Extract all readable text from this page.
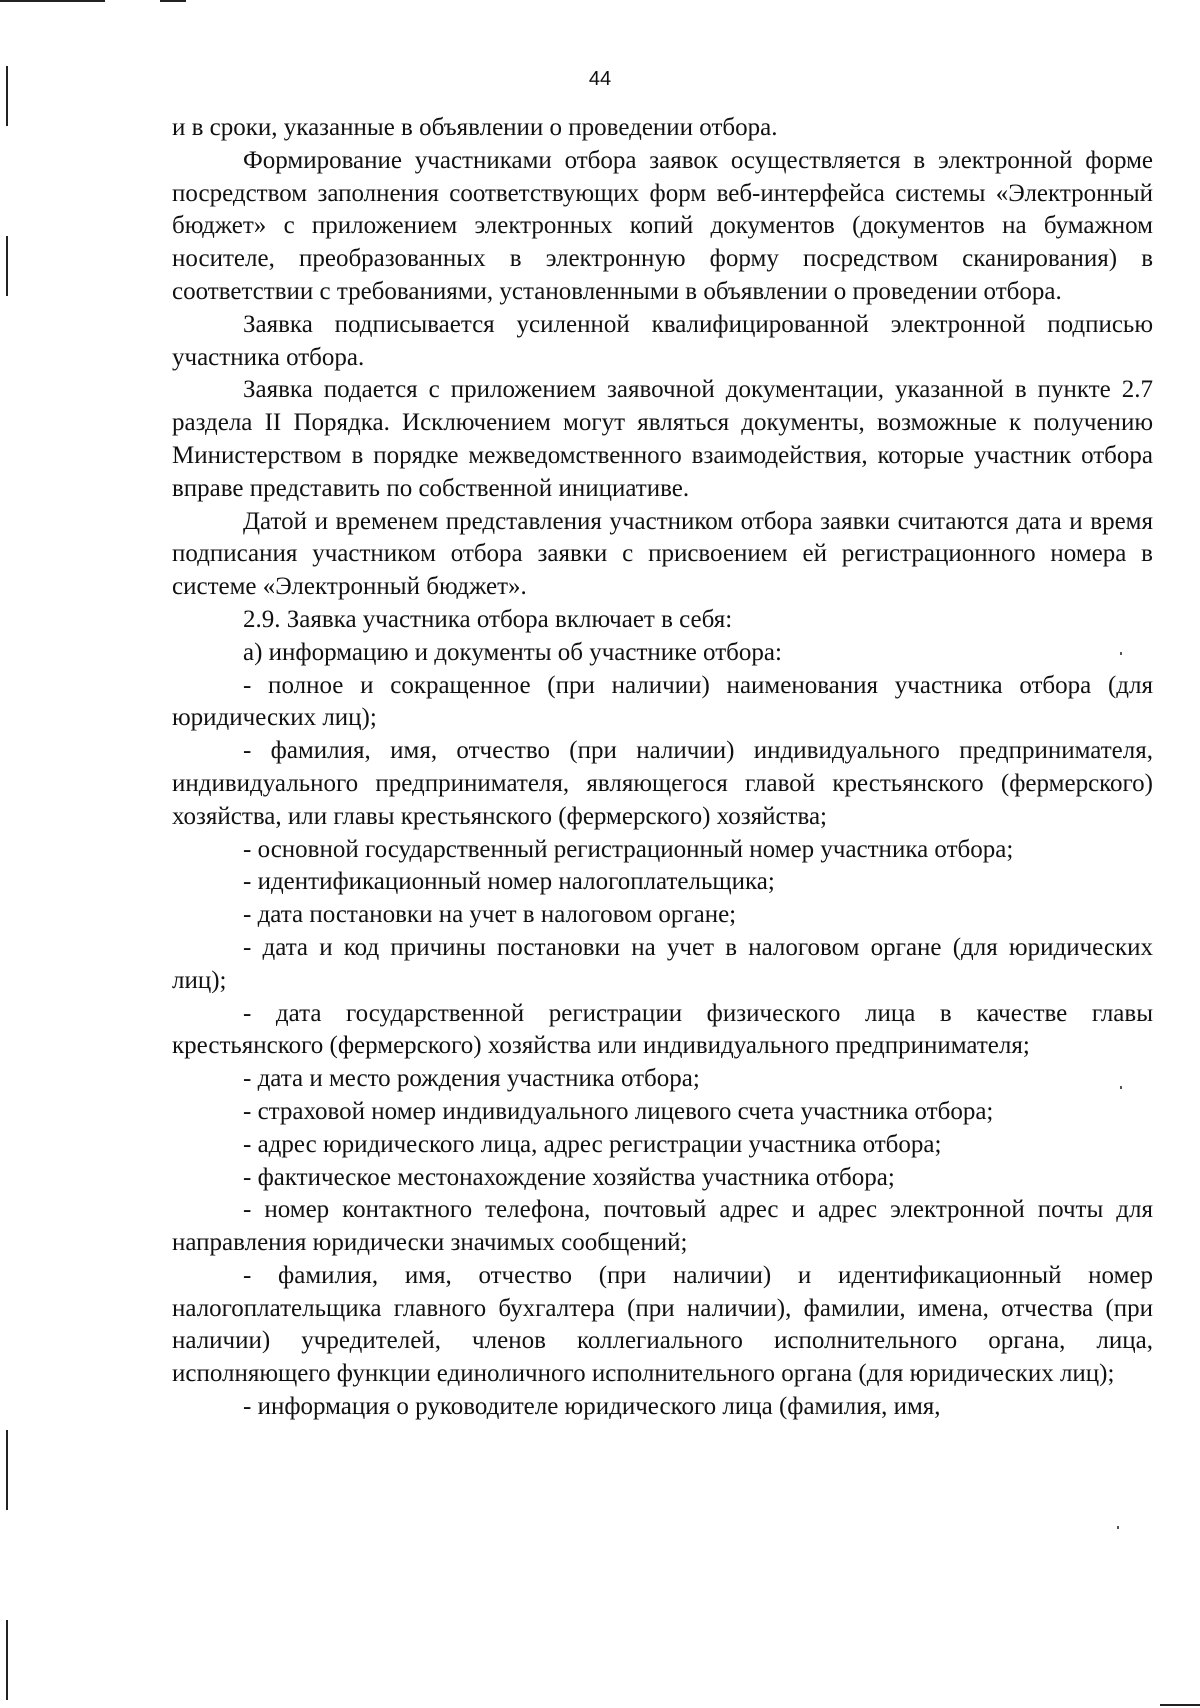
44

и в сроки, указанные в объявлении о проведении отбора.

Формирование участниками отбора заявок осуществляется в электронной форме посредством заполнения соответствующих форм веб-интерфейса системы «Электронный бюджет» с приложением электронных копий документов (документов на бумажном носителе, преобразованных в электронную форму посредством сканирования) в соответствии с требованиями, установленными в объявлении о проведении отбора.

Заявка подписывается усиленной квалифицированной электронной подписью участника отбора.

Заявка подается с приложением заявочной документации, указанной в пункте 2.7 раздела II Порядка. Исключением могут являться документы, возможные к получению Министерством в порядке межведомственного взаимодействия, которые участник отбора вправе представить по собственной инициативе.

Датой и временем представления участником отбора заявки считаются дата и время подписания участником отбора заявки с присвоением ей регистрационного номера в системе «Электронный бюджет».

2.9. Заявка участника отбора включает в себя:

а) информацию и документы об участнике отбора:

- полное и сокращенное (при наличии) наименования участника отбора (для юридических лиц);

- фамилия, имя, отчество (при наличии) индивидуального предпринимателя, индивидуального предпринимателя, являющегося главой крестьянского (фермерского) хозяйства, или главы крестьянского (фермерского) хозяйства;

- основной государственный регистрационный номер участника отбора;

- идентификационный номер налогоплательщика;

- дата постановки на учет в налоговом органе;

- дата и код причины постановки на учет в налоговом органе (для юридических лиц);

- дата государственной регистрации физического лица в качестве главы крестьянского (фермерского) хозяйства или индивидуального предпринимателя;

- дата и место рождения участника отбора;

- страховой номер индивидуального лицевого счета участника отбора;

- адрес юридического лица, адрес регистрации участника отбора;

- фактическое местонахождение хозяйства участника отбора;

- номер контактного телефона, почтовый адрес и адрес электронной почты для направления юридически значимых сообщений;

- фамилия, имя, отчество (при наличии) и идентификационный номер налогоплательщика главного бухгалтера (при наличии), фамилии, имена, отчества (при наличии) учредителей, членов коллегиального исполнительного органа, лица, исполняющего функции единоличного исполнительного органа (для юридических лиц);

- информация о руководителе юридического лица (фамилия, имя,
